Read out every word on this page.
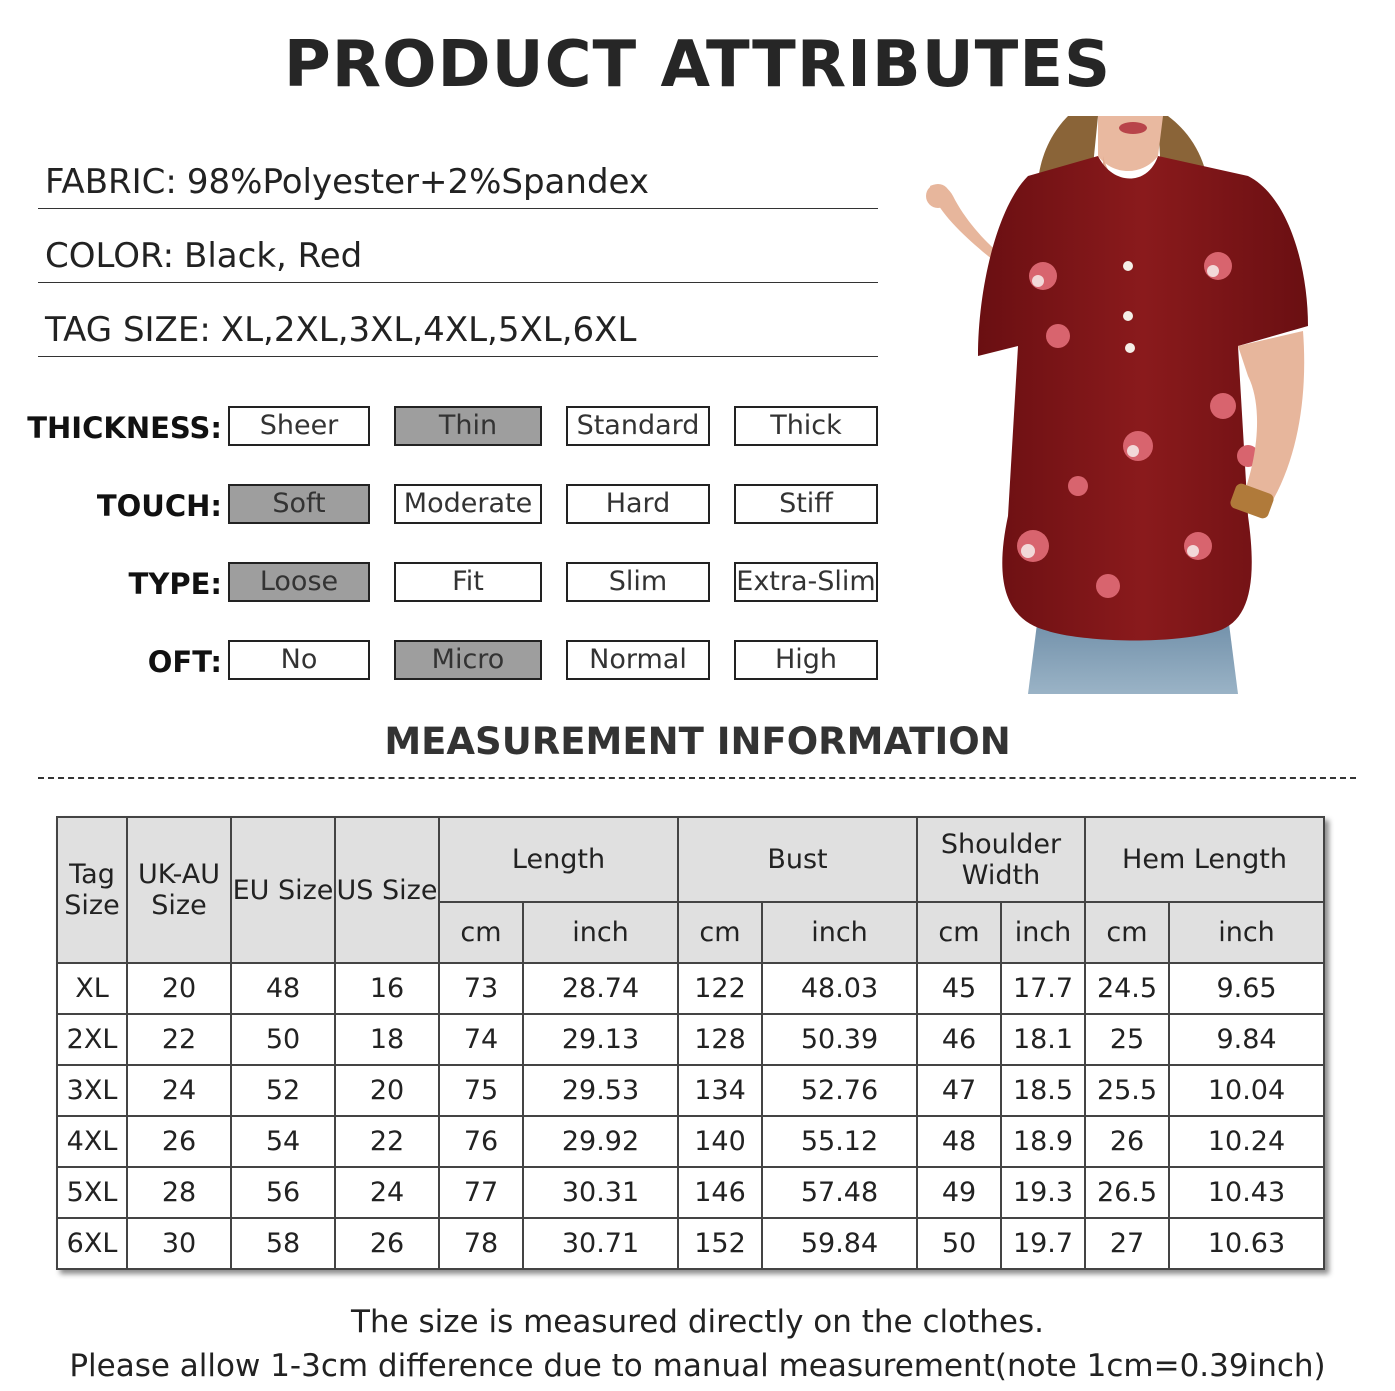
PRODUCT ATTRIBUTES
FABRIC: 98%Polyester+2%Spandex
COLOR: Black, Red
TAG SIZE: XL,2XL,3XL,4XL,5XL,6XL
THICKNESS:	Sheer	Thin	Standard	Thick
TOUCH:	Soft	Moderate	Hard	Stiff
TYPE:	Loose	Fit	Slim	Extra-Slim
OFT:	No	Micro	Normal	High
MEASUREMENT INFORMATION
Tag Size	UK-AU Size	EU Size	US Size	Length		Bust		Shoulder Width		Hem Length	
				cm	inch	cm	inch	cm	inch	cm	inch
XL	20	48	16	73	28.74	122	48.03	45	17.7	24.5	9.65
2XL	22	50	18	74	29.13	128	50.39	46	18.1	25	9.84
3XL	24	52	20	75	29.53	134	52.76	47	18.5	25.5	10.04
4XL	26	54	22	76	29.92	140	55.12	48	18.9	26	10.24
5XL	28	56	24	77	30.31	146	57.48	49	19.3	26.5	10.43
6XL	30	58	26	78	30.71	152	59.84	50	19.7	27	10.63
The size is measured directly on the clothes.
Please allow 1-3cm difference due to manual measurement(note 1cm=0.39inch)
